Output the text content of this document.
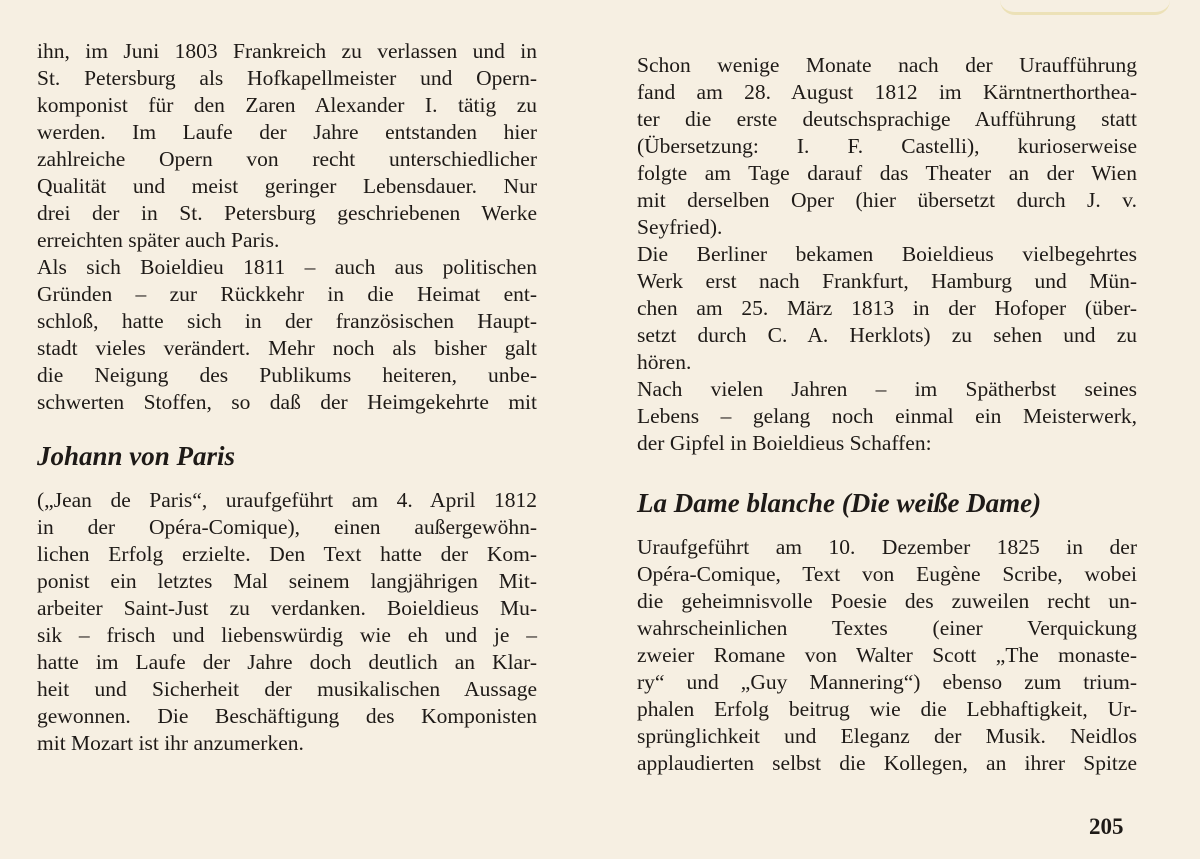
ihn, im Juni 1803 Frankreich zu verlassen und in
St. Petersburg als Hofkapellmeister und Opern-
komponist für den Zaren Alexander I. tätig zu
werden. Im Laufe der Jahre entstanden hier
zahlreiche Opern von recht unterschiedlicher
Qualität und meist geringer Lebensdauer. Nur
drei der in St. Petersburg geschriebenen Werke
erreichten später auch Paris.
Als sich Boieldieu 1811 – auch aus politischen
Gründen – zur Rückkehr in die Heimat ent-
schloß, hatte sich in der französischen Haupt-
stadt vieles verändert. Mehr noch als bisher galt
die Neigung des Publikums heiteren, unbe-
schwerten Stoffen, so daß der Heimgekehrte mit
Johann von Paris
(„Jean de Paris“, uraufgeführt am 4. April 1812
in der Opéra-Comique), einen außergewöhn-
lichen Erfolg erzielte. Den Text hatte der Kom-
ponist ein letztes Mal seinem langjährigen Mit-
arbeiter Saint-Just zu verdanken. Boieldieus Mu-
sik – frisch und liebenswürdig wie eh und je –
hatte im Laufe der Jahre doch deutlich an Klar-
heit und Sicherheit der musikalischen Aussage
gewonnen. Die Beschäftigung des Komponisten
mit Mozart ist ihr anzumerken.
Schon wenige Monate nach der Uraufführung
fand am 28. August 1812 im Kärntnerthorthea-
ter die erste deutschsprachige Aufführung statt
(Übersetzung: I. F. Castelli), kurioserweise
folgte am Tage darauf das Theater an der Wien
mit derselben Oper (hier übersetzt durch J. v.
Seyfried).
Die Berliner bekamen Boieldieus vielbegehrtes
Werk erst nach Frankfurt, Hamburg und Mün-
chen am 25. März 1813 in der Hofoper (über-
setzt durch C. A. Herklots) zu sehen und zu
hören.
Nach vielen Jahren – im Spätherbst seines
Lebens – gelang noch einmal ein Meisterwerk,
der Gipfel in Boieldieus Schaffen:
La Dame blanche (Die weiße Dame)
Uraufgeführt am 10. Dezember 1825 in der
Opéra-Comique, Text von Eugène Scribe, wobei
die geheimnisvolle Poesie des zuweilen recht un-
wahrscheinlichen Textes (einer Verquickung
zweier Romane von Walter Scott „The monaste-
ry“ und „Guy Mannering“) ebenso zum trium-
phalen Erfolg beitrug wie die Lebhaftigkeit, Ur-
sprünglichkeit und Eleganz der Musik. Neidlos
applaudierten selbst die Kollegen, an ihrer Spitze
205
